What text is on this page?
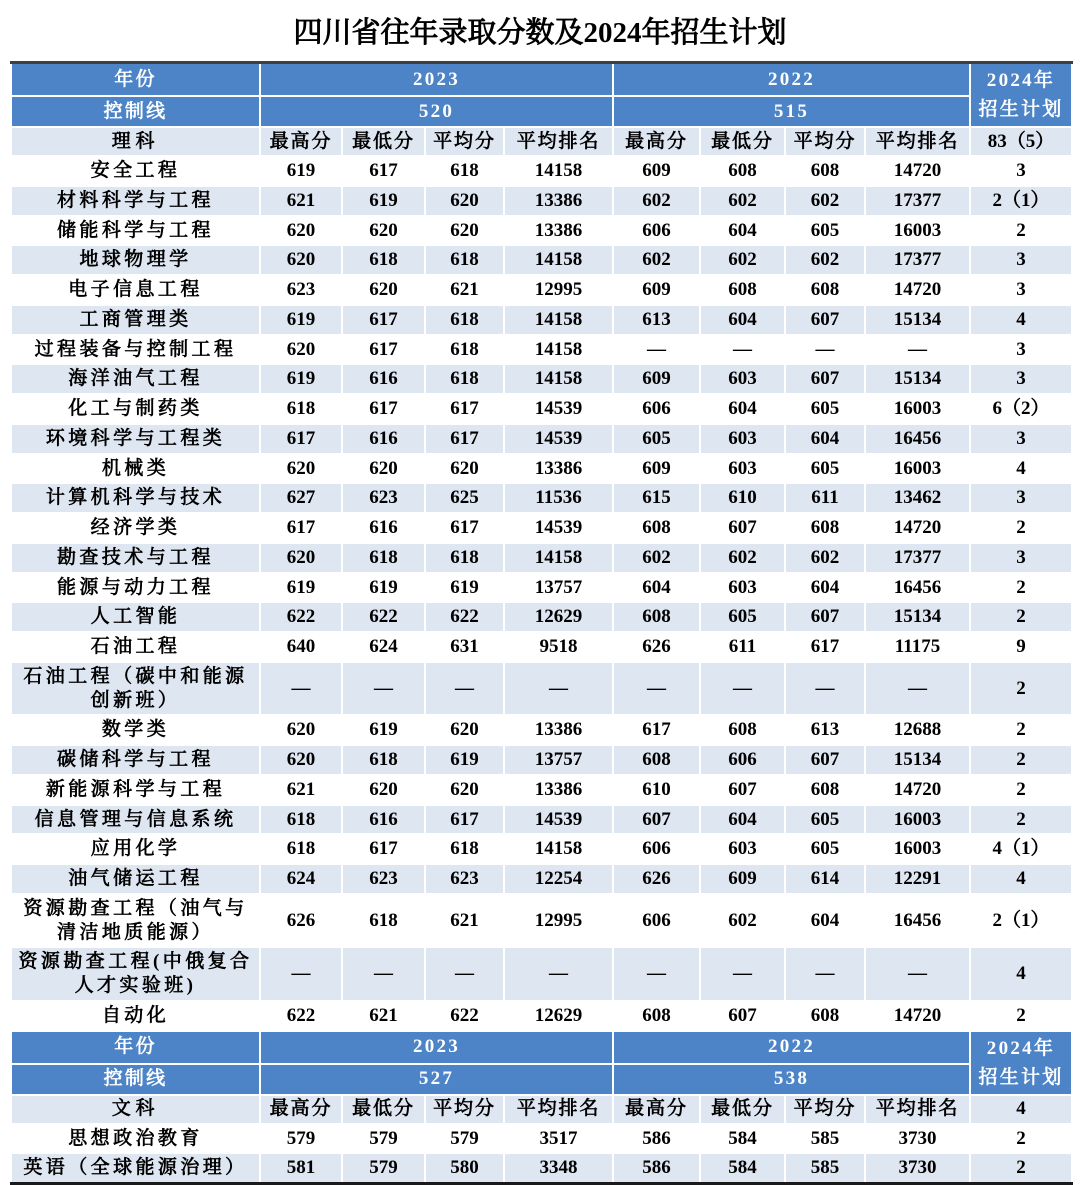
四川省往年录取分数及2024年招生计划
年份	2023				2022				2024年
招生计划

控制线	520				515				
理科	最高分	最低分	平均分	平均排名	最高分	最低分	平均分	平均排名	83（5）
安全工程	619	617	618	14158	609	608	608	14720	3
材料科学与工程	621	619	620	13386	602	602	602	17377	2（1）
储能科学与工程	620	620	620	13386	606	604	605	16003	2
地球物理学	620	618	618	14158	602	602	602	17377	3
电子信息工程	623	620	621	12995	609	608	608	14720	3
工商管理类	619	617	618	14158	613	604	607	15134	4
过程装备与控制工程	620	617	618	14158	—	—	—	—	3
海洋油气工程	619	616	618	14158	609	603	607	15134	3
化工与制药类	618	617	617	14539	606	604	605	16003	6（2）
环境科学与工程类	617	616	617	14539	605	603	604	16456	3
机械类	620	620	620	13386	609	603	605	16003	4
计算机科学与技术	627	623	625	11536	615	610	611	13462	3
经济学类	617	616	617	14539	608	607	608	14720	2
勘查技术与工程	620	618	618	14158	602	602	602	17377	3
能源与动力工程	619	619	619	13757	604	603	604	16456	2
人工智能	622	622	622	12629	608	605	607	15134	2
石油工程	640	624	631	9518	626	611	617	11175	9
石油工程（碳中和能源创新班）	—	—	—	—	—	—	—	—	2
数学类	620	619	620	13386	617	608	613	12688	2
碳储科学与工程	620	618	619	13757	608	606	607	15134	2
新能源科学与工程	621	620	620	13386	610	607	608	14720	2
信息管理与信息系统	618	616	617	14539	607	604	605	16003	2
应用化学	618	617	618	14158	606	603	605	16003	4（1）
油气储运工程	624	623	623	12254	626	609	614	12291	4
资源勘查工程（油气与清洁地质能源）	626	618	621	12995	606	602	604	16456	2（1）
资源勘查工程(中俄复合人才实验班)	—	—	—	—	—	—	—	—	4
自动化	622	621	622	12629	608	607	608	14720	2
年份	2023				2022				2024年
招生计划

控制线	527				538				
文科	最高分	最低分	平均分	平均排名	最高分	最低分	平均分	平均排名	4
思想政治教育	579	579	579	3517	586	584	585	3730	2
英语（全球能源治理）	581	579	580	3348	586	584	585	3730	2
